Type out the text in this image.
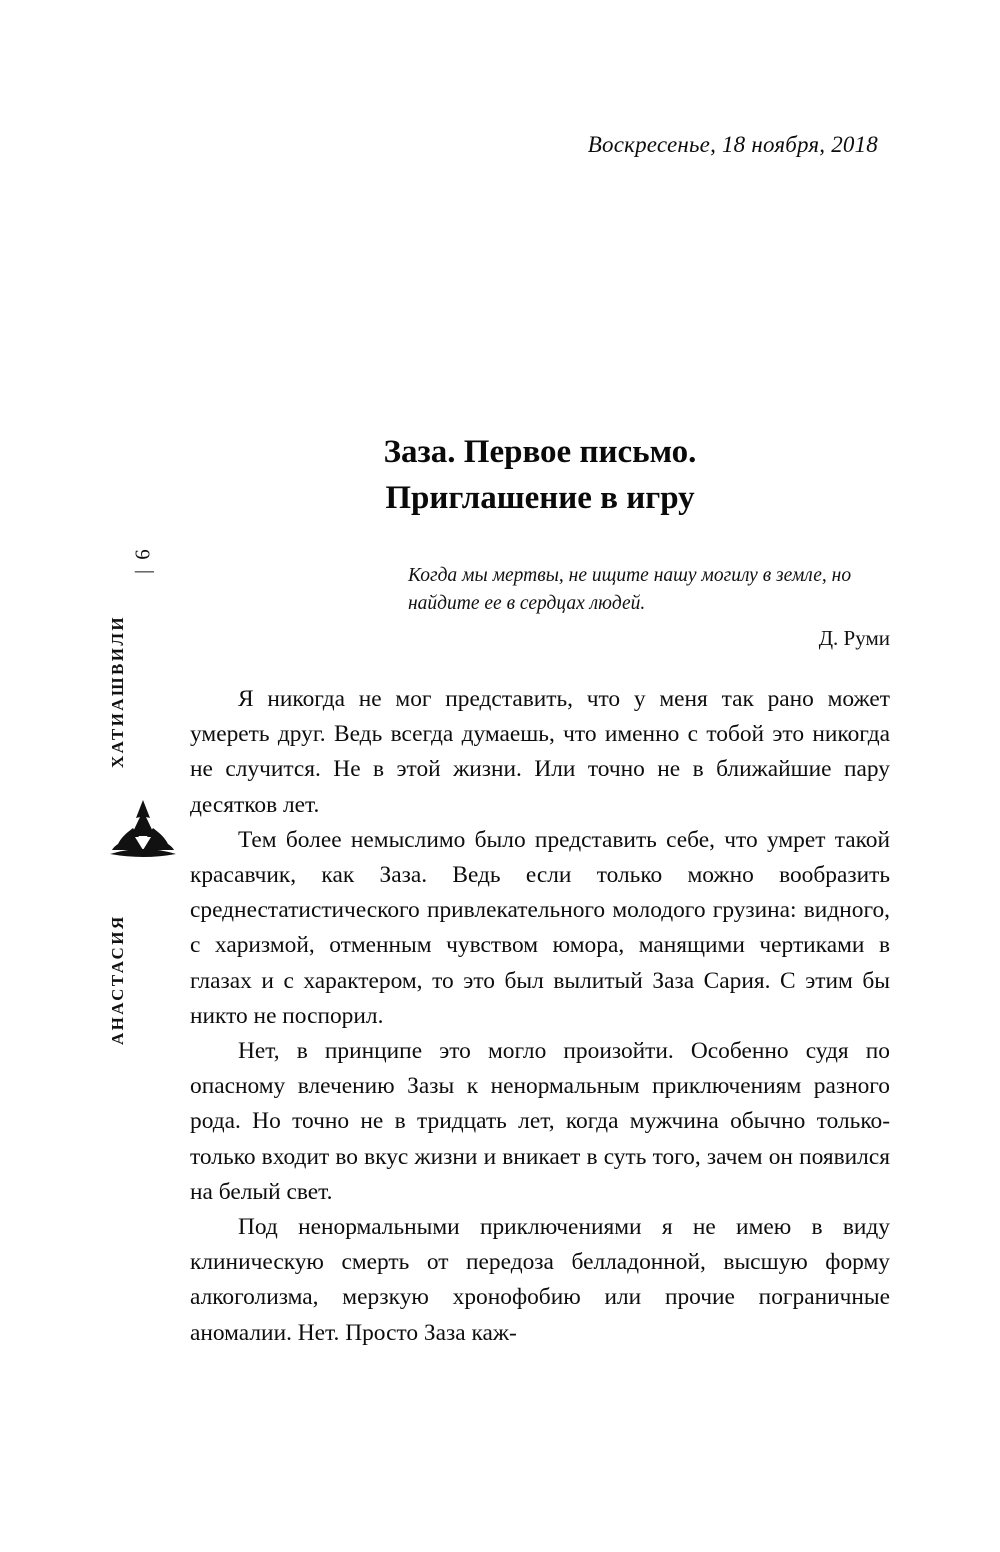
Воскресенье, 18 ноября, 2018
| 6
ХАТИАШВИЛИ
АНАСТАСИЯ
Заза. Первое письмо.
Приглашение в игру
Когда мы мертвы, не ищите нашу могилу в земле, но найдите ее в сердцах людей.
Д. Руми

Я никогда не мог представить, что у меня так рано может умереть друг. Ведь всегда думаешь, что именно с тобой это никогда не случится. Не в этой жизни. Или точно не в ближайшие пару десятков лет.

Тем более немыслимо было представить себе, что умрет такой красавчик, как Заза. Ведь если только можно вообразить среднестатистического привлекательного молодого грузина: видного, с харизмой, отменным чувством юмора, манящими чертиками в глазах и с характером, то это был вылитый Заза Сария. С этим бы никто не поспорил.

Нет, в принципе это могло произойти. Особенно судя по опасному влечению Зазы к ненормальным приключениям разного рода. Но точно не в тридцать лет, когда мужчина обычно только-только входит во вкус жизни и вникает в суть того, зачем он появился на белый свет.

Под ненормальными приключениями я не имею в виду клиническую смерть от передоза белладонной, высшую форму алкоголизма, мерзкую хронофобию или прочие пограничные аномалии. Нет. Просто Заза каж-
